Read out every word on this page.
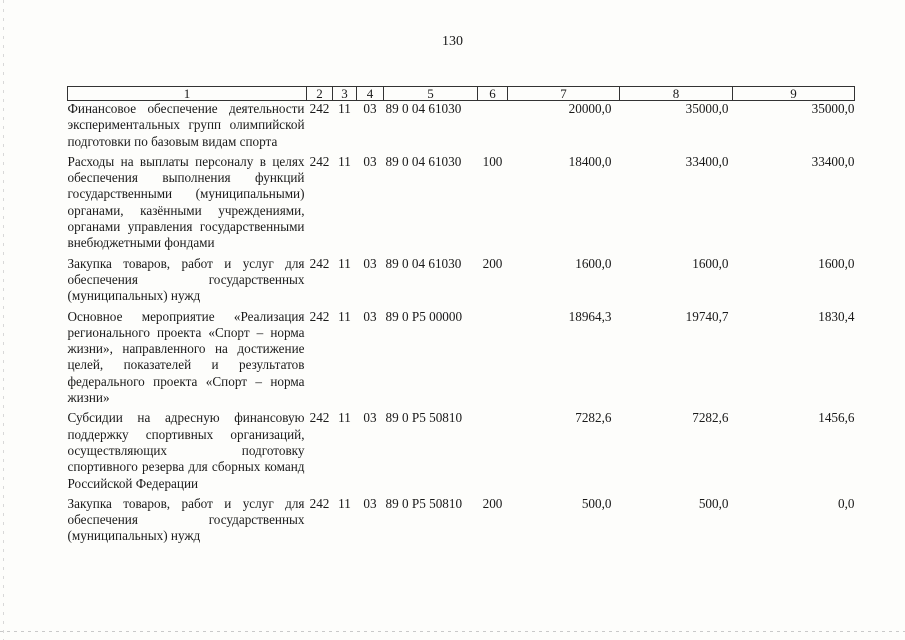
130
1	2	3	4	5	6	7	8	9
Финансовое обеспечение деятельности экспериментальных групп олимпийской подготовки по базовым видам спорта	242	11	03	89 0 04 61030		20000,0	35000,0	35000,0

Расходы на выплаты персоналу в целях обеспечения выполнения функций государственными (муниципальными) органами, казёнными учреждениями, органами управления государственными внебюджетными фондами	242	11	03	89 0 04 61030	100	18400,0	33400,0	33400,0

Закупка товаров, работ и услуг для обеспечения государственных (муниципальных) нужд	242	11	03	89 0 04 61030	200	1600,0	1600,0	1600,0

Основное мероприятие «Реализация регионального проекта «Спорт – норма жизни», направленного на достижение целей, показателей и результатов федерального проекта «Спорт – норма жизни»	242	11	03	89 0 P5 00000		18964,3	19740,7	1830,4

Субсидии на адресную финансовую поддержку спортивных организаций, осуществляющих подготовку спортивного резерва для сборных команд Российской Федерации	242	11	03	89 0 P5 50810		7282,6	7282,6	1456,6

Закупка товаров, работ и услуг для обеспечения государственных (муниципальных) нужд	242	11	03	89 0 P5 50810	200	500,0	500,0	0,0
